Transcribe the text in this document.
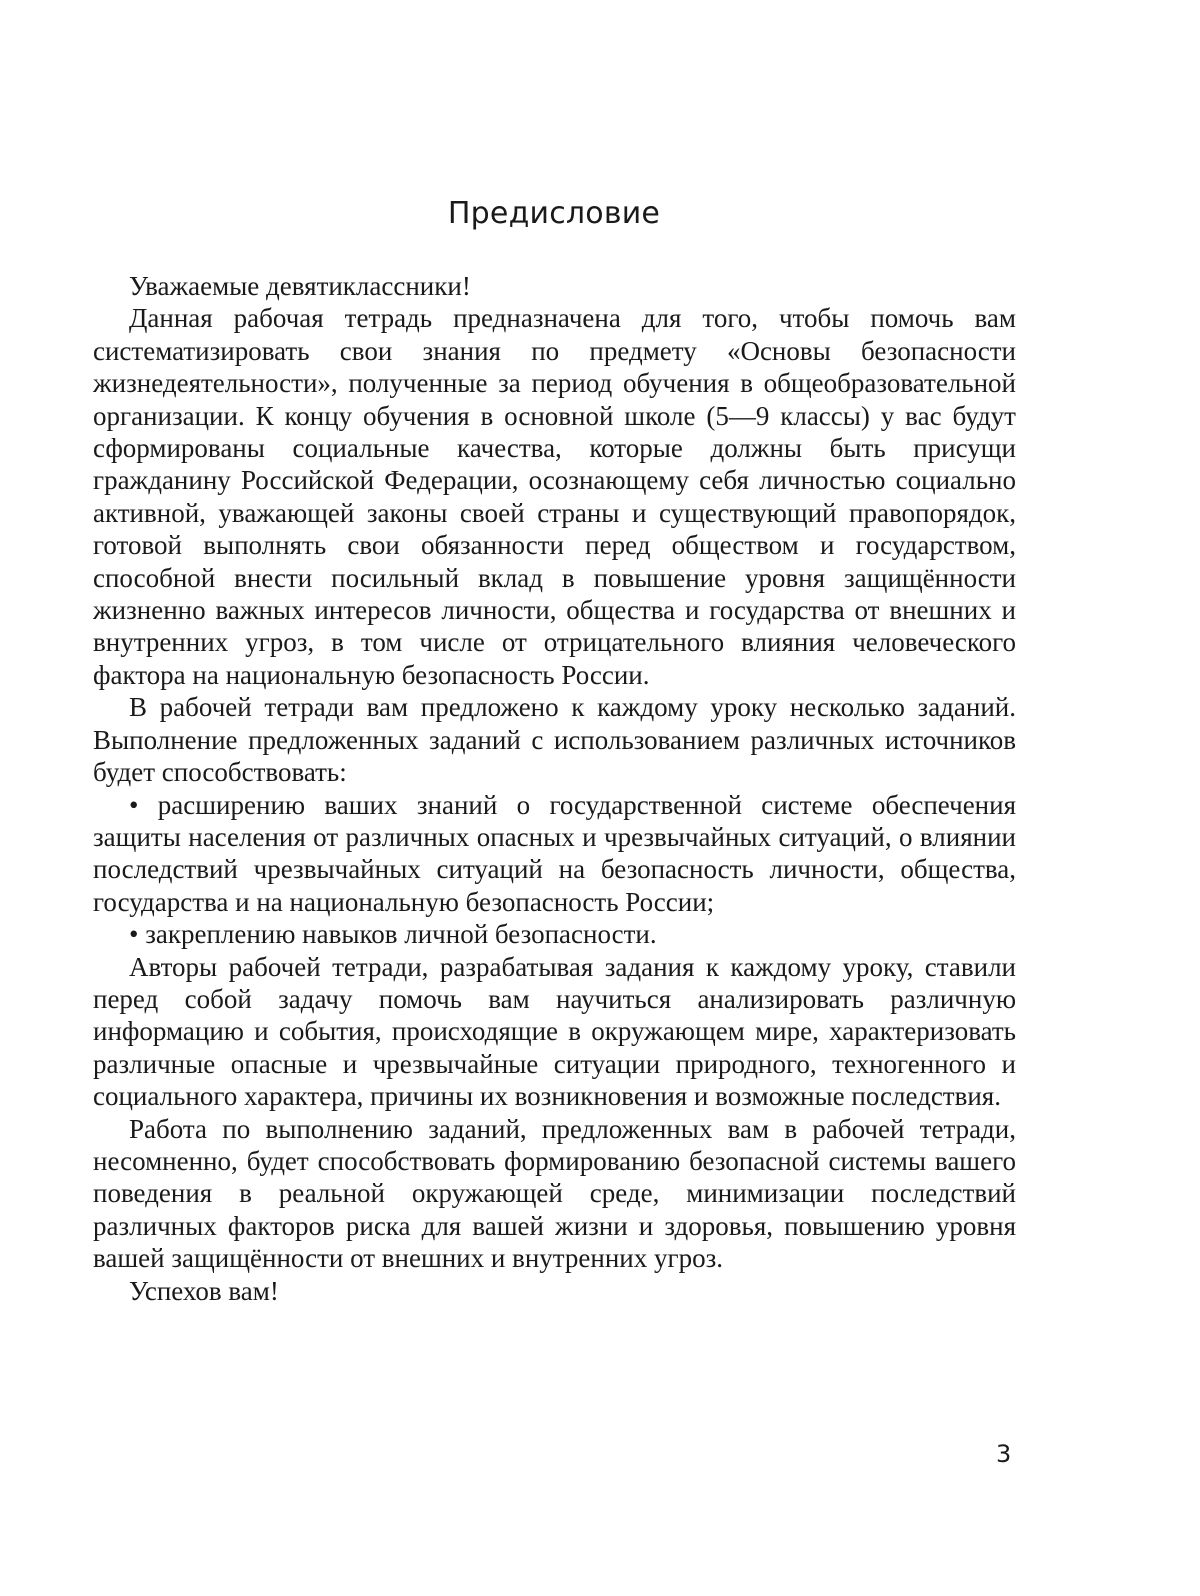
Предисловие

Уважаемые девятиклассники!

Данная рабочая тетрадь предназначена для того, чтобы помочь вам систематизировать свои знания по предмету «Основы безопасности жизнедеятельности», полученные за период обучения в общеобразовательной организации. К концу обучения в основной школе (5—9 классы) у вас будут сформированы социальные качества, которые должны быть присущи гражданину Российской Федерации, осознающему себя личностью социально активной, уважающей законы своей страны и существующий правопорядок, готовой выполнять свои обязанности перед обществом и государством, способной внести посильный вклад в повышение уровня защищённости жизненно важных интересов личности, общества и государства от внешних и внутренних угроз, в том числе от отрицательного влияния человеческого фактора на национальную безопасность России.

В рабочей тетради вам предложено к каждому уроку несколько заданий. Выполнение предложенных заданий с использованием различных источников будет способствовать:

• расширению ваших знаний о государственной системе обеспечения защиты населения от различных опасных и чрезвычайных ситуаций, о влиянии последствий чрезвычайных ситуаций на безопасность личности, общества, государства и на национальную безопасность России;

• закреплению навыков личной безопасности.

Авторы рабочей тетради, разрабатывая задания к каждому уроку, ставили перед собой задачу помочь вам научиться анализировать различную информацию и события, происходящие в окружающем мире, характеризовать различные опасные и чрезвычайные ситуации природного, техногенного и социального характера, причины их возникновения и возможные последствия.

Работа по выполнению заданий, предложенных вам в рабочей тетради, несомненно, будет способствовать формированию безопасной системы вашего поведения в реальной окружающей среде, минимизации последствий различных факторов риска для вашей жизни и здоровья, повышению уровня вашей защищённости от внешних и внутренних угроз.

Успехов вам!

3
